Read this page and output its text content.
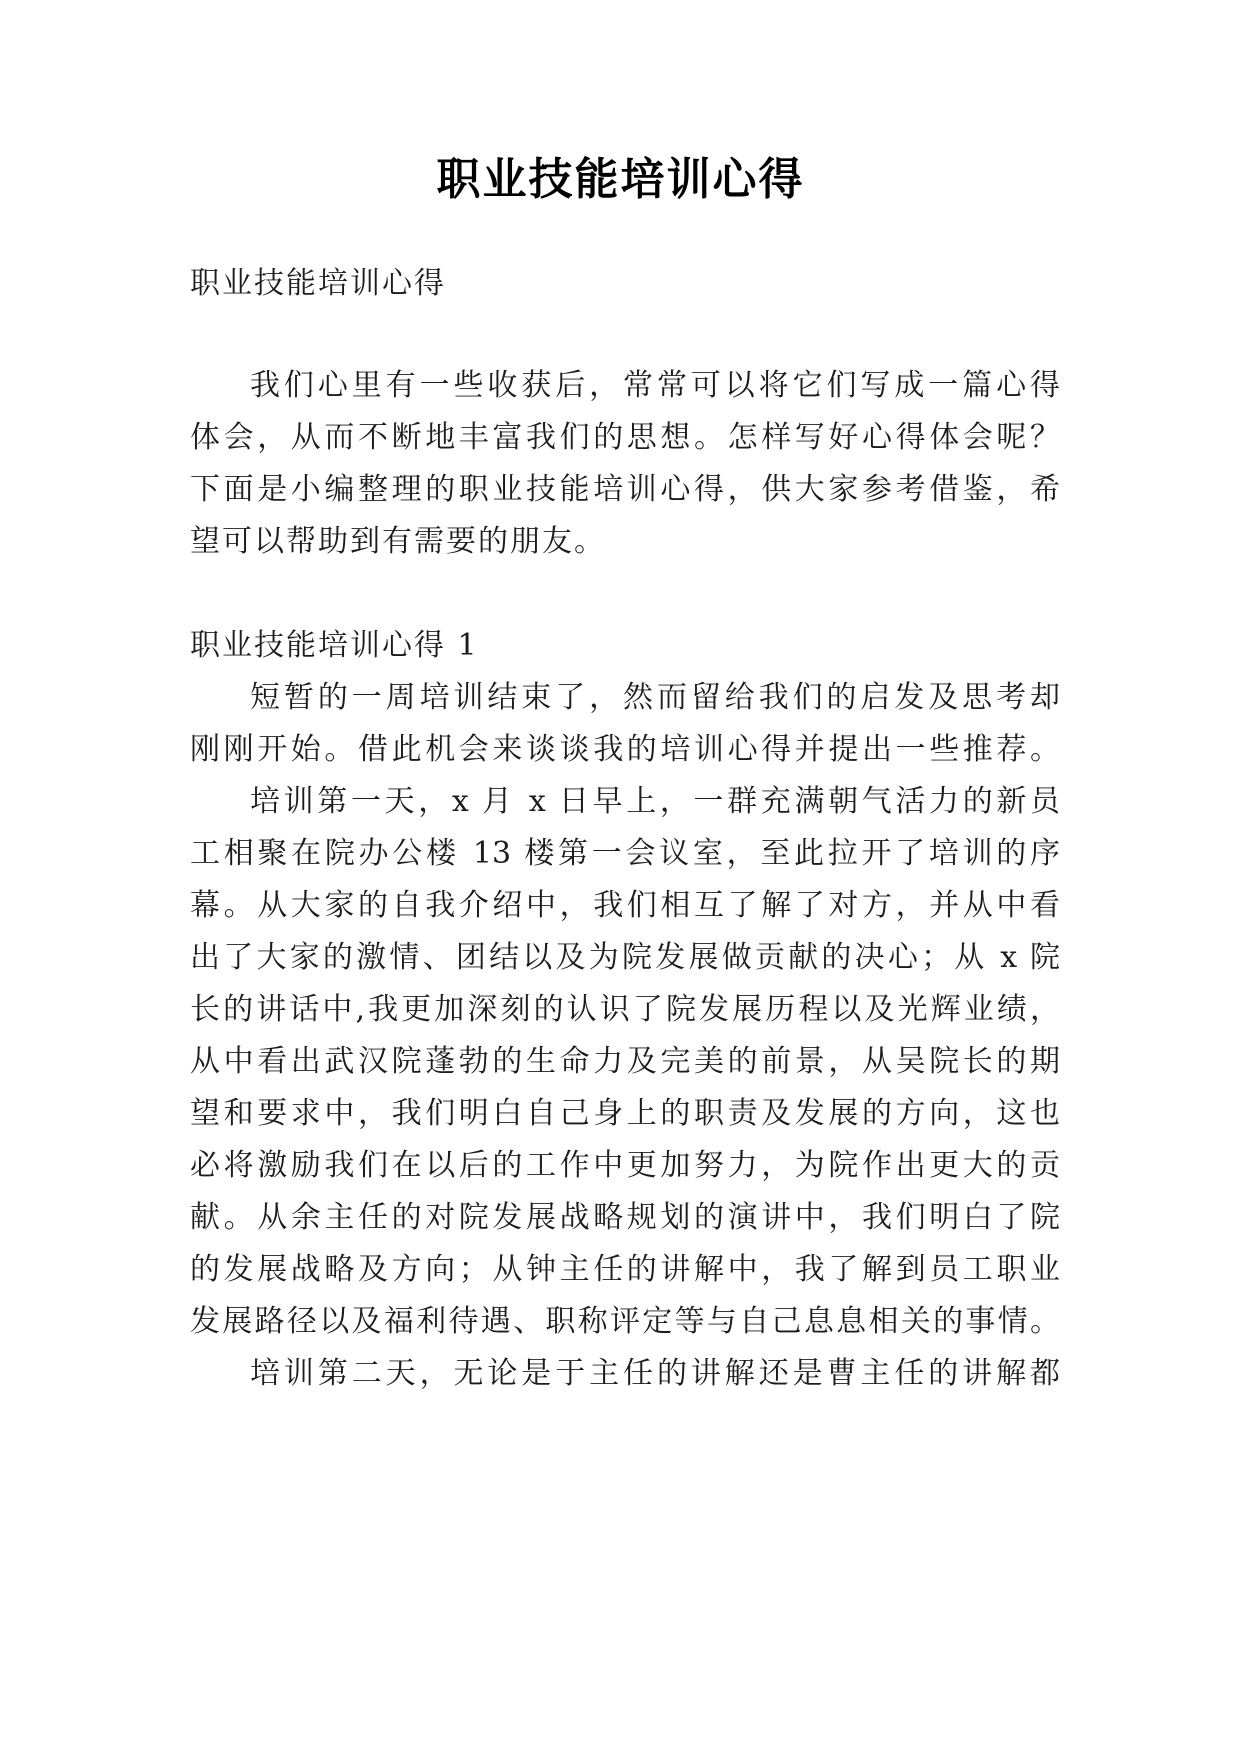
职业技能培训心得
职业技能培训心得
我们心里有一些收获后，常常可以将它们写成一篇心得
体会，从而不断地丰富我们的思想。怎样写好心得体会呢？
下面是小编整理的职业技能培训心得，供大家参考借鉴，希
望可以帮助到有需要的朋友。
职业技能培训心得 1
短暂的一周培训结束了，然而留给我们的启发及思考却
刚刚开始。借此机会来谈谈我的培训心得并提出一些推荐。
培训第一天，x 月 x 日早上，一群充满朝气活力的新员
工相聚在院办公楼 13 楼第一会议室，至此拉开了培训的序
幕。从大家的自我介绍中，我们相互了解了对方，并从中看
出了大家的激情、团结以及为院发展做贡献的决心；从 x 院
长的讲话中,我更加深刻的认识了院发展历程以及光辉业绩，
从中看出武汉院蓬勃的生命力及完美的前景，从吴院长的期
望和要求中，我们明白自己身上的职责及发展的方向，这也
必将激励我们在以后的工作中更加努力，为院作出更大的贡
献。从余主任的对院发展战略规划的演讲中，我们明白了院
的发展战略及方向；从钟主任的讲解中，我了解到员工职业
发展路径以及福利待遇、职称评定等与自己息息相关的事情。
培训第二天，无论是于主任的讲解还是曹主任的讲解都
